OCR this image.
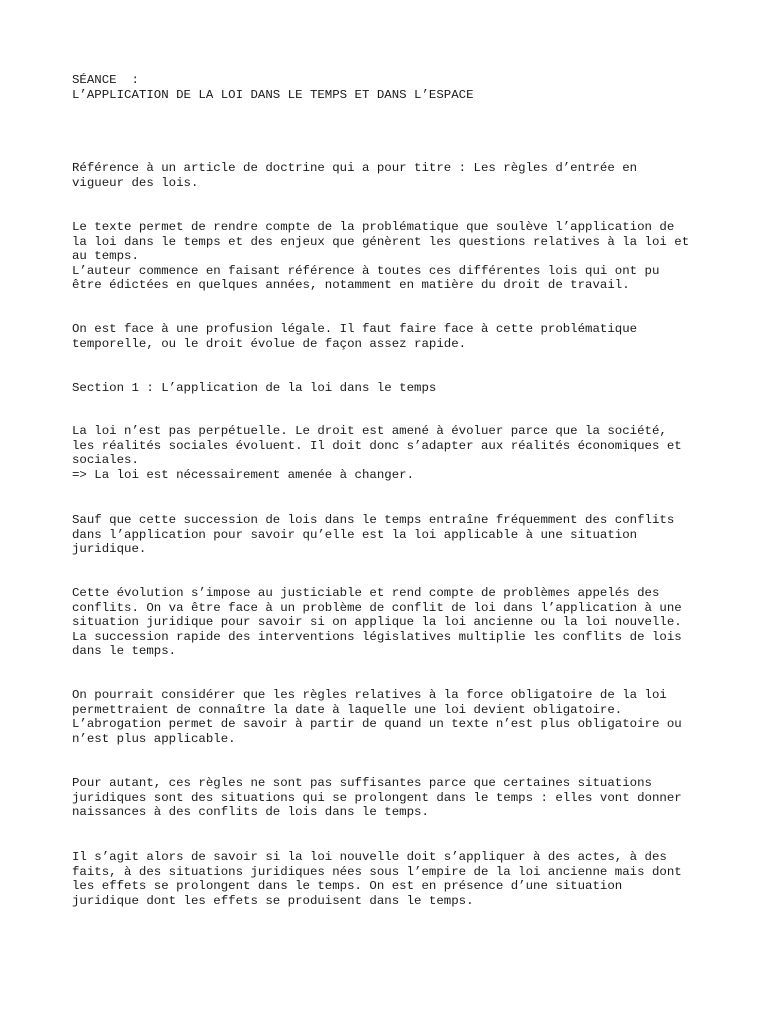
SÉANCE  :

L’APPLICATION DE LA LOI DANS LE TEMPS ET DANS L’ESPACE

Référence à un article de doctrine qui a pour titre : Les règles d’entrée en
vigueur des lois.

Le texte permet de rendre compte de la problématique que soulève l’application de
la loi dans le temps et des enjeux que génèrent les questions relatives à la loi et
au temps.
L’auteur commence en faisant référence à toutes ces différentes lois qui ont pu
être édictées en quelques années, notamment en matière du droit de travail.

On est face à une profusion légale. Il faut faire face à cette problématique
temporelle, ou le droit évolue de façon assez rapide.

Section 1 : L’application de la loi dans le temps

La loi n’est pas perpétuelle. Le droit est amené à évoluer parce que la société,
les réalités sociales évoluent. Il doit donc s’adapter aux réalités économiques et
sociales.
=> La loi est nécessairement amenée à changer.

Sauf que cette succession de lois dans le temps entraîne fréquemment des conflits
dans l’application pour savoir qu’elle est la loi applicable à une situation
juridique.

Cette évolution s’impose au justiciable et rend compte de problèmes appelés des
conflits. On va être face à un problème de conflit de loi dans l’application à une
situation juridique pour savoir si on applique la loi ancienne ou la loi nouvelle.
La succession rapide des interventions législatives multiplie les conflits de lois
dans le temps.

On pourrait considérer que les règles relatives à la force obligatoire de la loi
permettraient de connaître la date à laquelle une loi devient obligatoire.
L’abrogation permet de savoir à partir de quand un texte n’est plus obligatoire ou
n’est plus applicable.

Pour autant, ces règles ne sont pas suffisantes parce que certaines situations
juridiques sont des situations qui se prolongent dans le temps : elles vont donner
naissances à des conflits de lois dans le temps.

Il s’agit alors de savoir si la loi nouvelle doit s’appliquer à des actes, à des
faits, à des situations juridiques nées sous l’empire de la loi ancienne mais dont
les effets se prolongent dans le temps. On est en présence d’une situation
juridique dont les effets se produisent dans le temps.
